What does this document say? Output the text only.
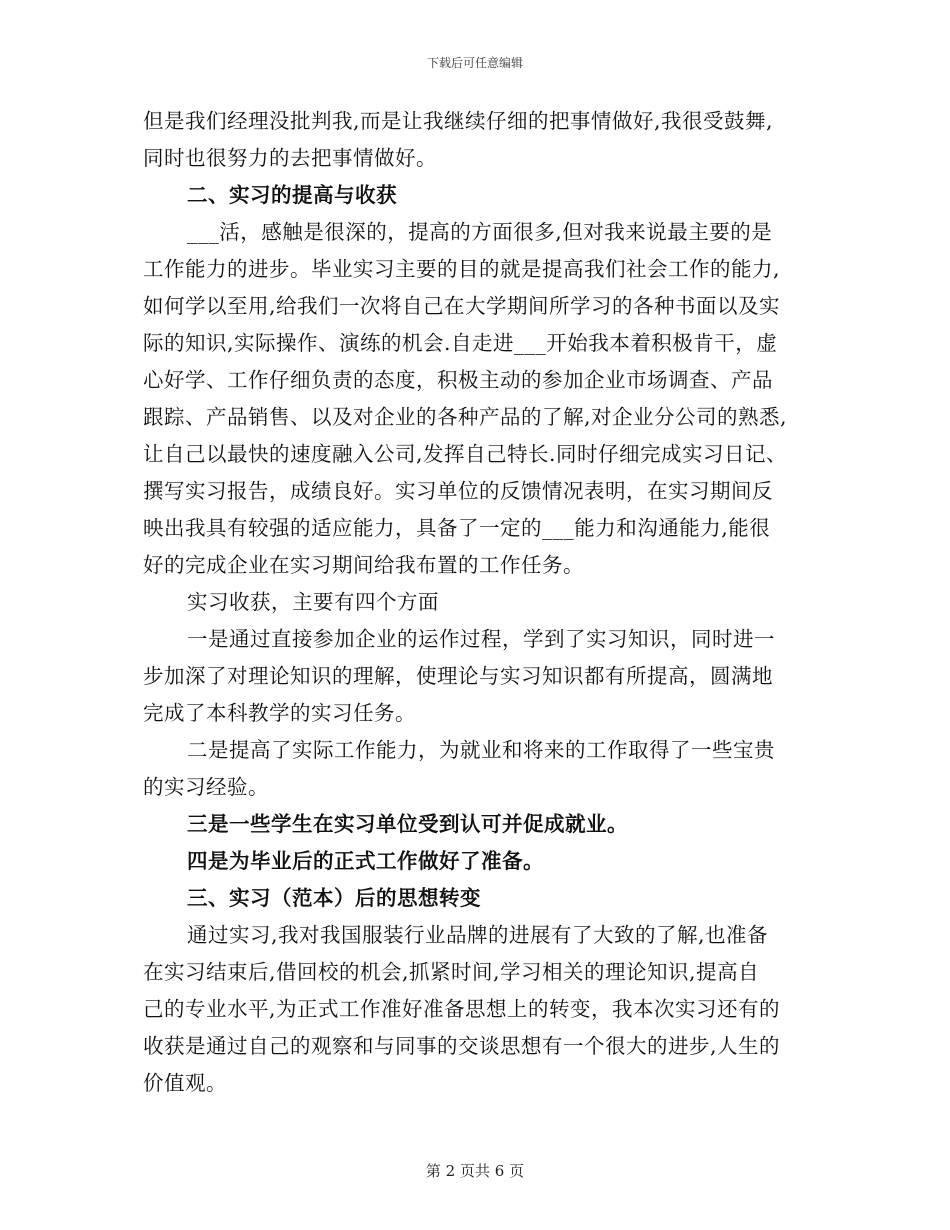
下载后可任意编辑
但是我们经理没批判我,而是让我继续仔细的把事情做好,我很受鼓舞,
同时也很努力的去把事情做好。
二、实习的提高与收获
___活，感触是很深的，提高的方面很多,但对我来说最主要的是
工作能力的进步。毕业实习主要的目的就是提高我们社会工作的能力,
如何学以至用,给我们一次将自己在大学期间所学习的各种书面以及实
际的知识,实际操作、演练的机会.自走进___开始我本着积极肯干，虚
心好学、工作仔细负责的态度，积极主动的参加企业市场调查、产品
跟踪、产品销售、以及对企业的各种产品的了解,对企业分公司的熟悉,
让自己以最快的速度融入公司,发挥自己特长.同时仔细完成实习日记、
撰写实习报告，成绩良好。实习单位的反馈情况表明，在实习期间反
映出我具有较强的适应能力，具备了一定的___能力和沟通能力,能很
好的完成企业在实习期间给我布置的工作任务。
实习收获，主要有四个方面
一是通过直接参加企业的运作过程，学到了实习知识，同时进一
步加深了对理论知识的理解，使理论与实习知识都有所提高，圆满地
完成了本科教学的实习任务。
二是提高了实际工作能力，为就业和将来的工作取得了一些宝贵
的实习经验。
三是一些学生在实习单位受到认可并促成就业。
四是为毕业后的正式工作做好了准备。
三、实习（范本）后的思想转变
通过实习,我对我国服装行业品牌的进展有了大致的了解,也准备
在实习结束后,借回校的机会,抓紧时间,学习相关的理论知识,提高自
己的专业水平,为正式工作准好准备思想上的转变，我本次实习还有的
收获是通过自己的观察和与同事的交谈思想有一个很大的进步,人生的
价值观。
第 2 页共 6 页
